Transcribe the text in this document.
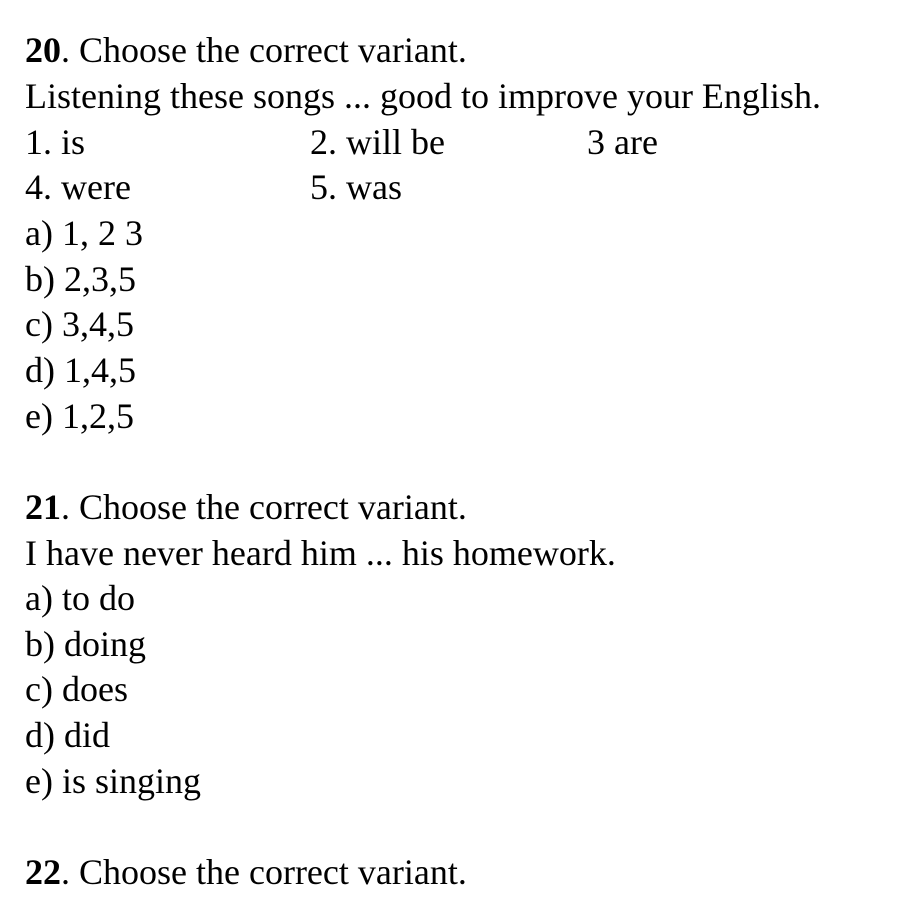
20. Choose the correct variant.
Listening these songs ... good to improve your English.
1. is	2. will be	3 are
4. were	5. was
a) 1, 2 3
b) 2,3,5
c) 3,4,5
d) 1,4,5
e) 1,2,5
21. Choose the correct variant.
I have never heard him ... his homework.
a) to do
b) doing
c) does
d) did
e) is singing
22. Choose the correct variant.
